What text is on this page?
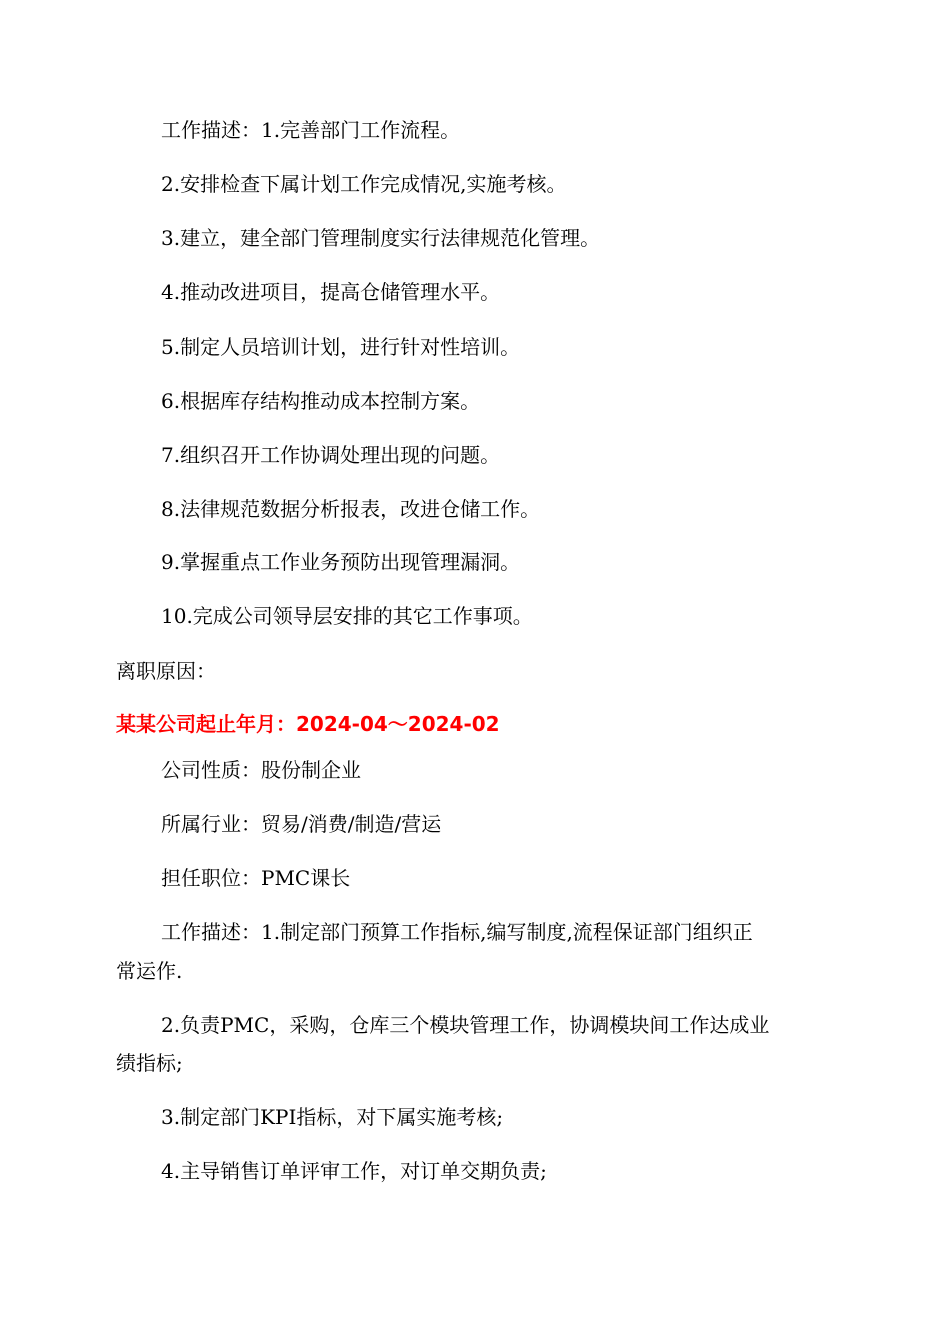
工作描述：1.完善部门工作流程。
2.安排检查下属计划工作完成情况,实施考核。
3.建立，建全部门管理制度实行法律规范化管理。
4.推动改进项目，提高仓储管理水平。
5.制定人员培训计划，进行针对性培训。
6.根据库存结构推动成本控制方案。
7.组织召开工作协调处理出现的问题。
8.法律规范数据分析报表，改进仓储工作。
9.掌握重点工作业务预防出现管理漏洞。
10.完成公司领导层安排的其它工作事项。
离职原因：
某某公司起止年月：2024-04～2024-02
公司性质：股份制企业
所属行业：贸易/消费/制造/营运
担任职位：PMC课长
工作描述：1.制定部门预算工作指标,编写制度,流程保证部门组织正
常运作.
2.负责PMC，采购，仓库三个模块管理工作，协调模块间工作达成业
绩指标;
3.制定部门KPI指标，对下属实施考核;
4.主导销售订单评审工作，对订单交期负责;
